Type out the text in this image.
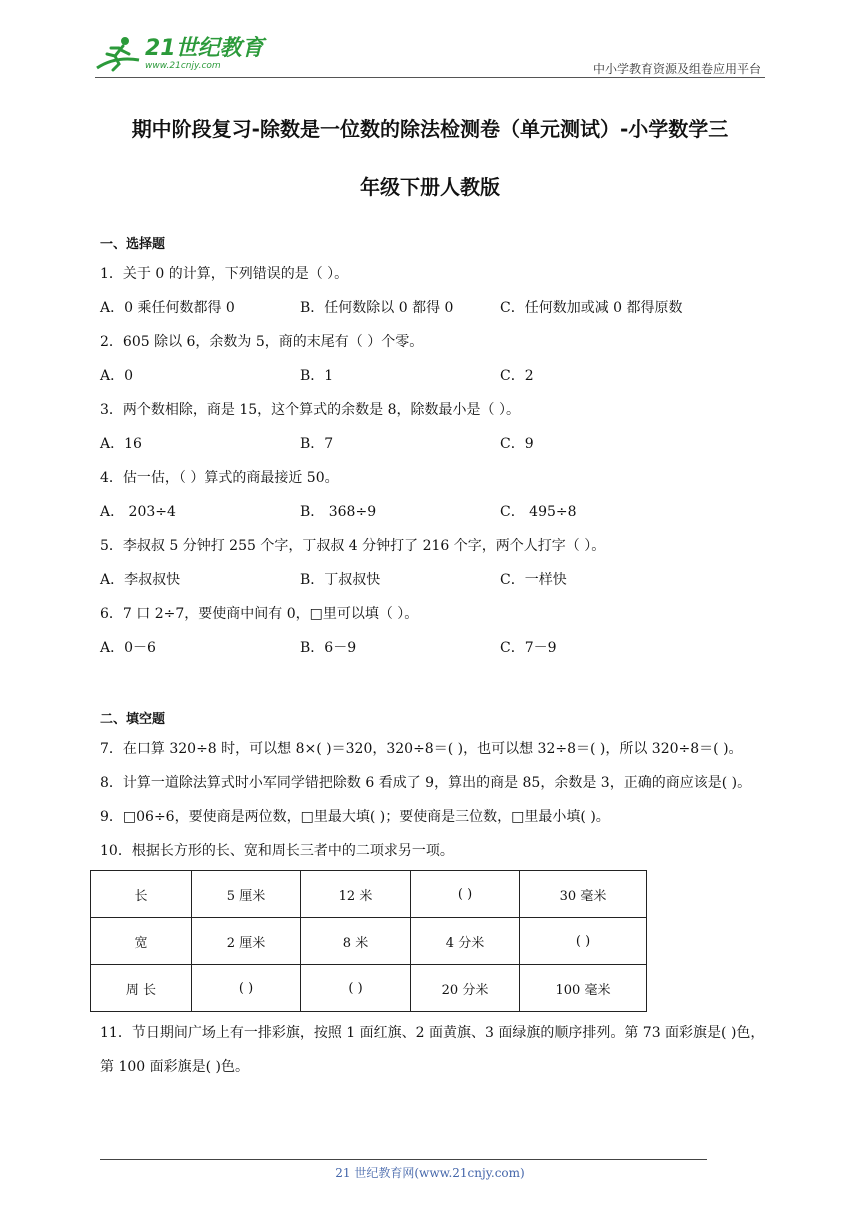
21世纪教育
www.21cnjy.com	中小学教育资源及组卷应用平台
期中阶段复习-除数是一位数的除法检测卷（单元测试）-小学数学三
年级下册人教版
一、选择题
1．关于 0 的计算，下列错误的是（ ）。
A．0 乘任何数都得 0	B．任何数除以 0 都得 0	C．任何数加或减 0 都得原数
2．605 除以 6，余数为 5，商的末尾有（ ）个零。
A．0	B．1	C．2
3．两个数相除，商是 15，这个算式的余数是 8，除数最小是（ ）。
A．16	B．7	C．9
4．估一估，（ ）算式的商最接近 50。
A． 203÷4	B． 368÷9	C． 495÷8
5．李叔叔 5 分钟打 255 个字，丁叔叔 4 分钟打了 216 个字，两个人打字（ ）。
A．李叔叔快	B．丁叔叔快	C．一样快
6．7 口 2÷7，要使商中间有 0，□里可以填（ ）。
A．0－6	B．6－9	C．7－9
二、填空题
7．在口算 320÷8 时，可以想 8×( )＝320，320÷8＝( )，也可以想 32÷8＝( )，所以 320÷8＝( )。
8．计算一道除法算式时小军同学错把除数 6 看成了 9，算出的商是 85，余数是 3，正确的商应该是( )。
9．□06÷6，要使商是两位数，□里最大填( )；要使商是三位数，□里最小填( )。
10．根据长方形的长、宽和周长三者中的二项求另一项。
长	5 厘米	12 米	( )	30 毫米
宽	2 厘米	8 米	4 分米	( )
周 长	( )	( )	20 分米	100 毫米
11．节日期间广场上有一排彩旗，按照 1 面红旗、2 面黄旗、3 面绿旗的顺序排列。第 73 面彩旗是( )色，第 100 面彩旗是( )色。
21 世纪教育网(www.21cnjy.com)
